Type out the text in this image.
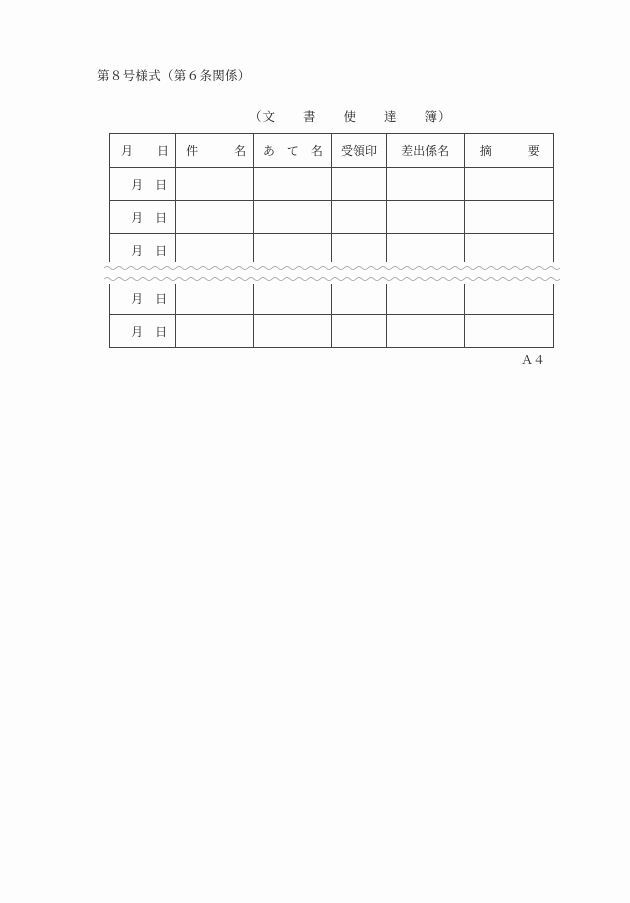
第８号様式（第６条関係）
（文　　書　　使　　達　　簿）
月　　日	件　　　名	あ　て　名	受領印	差出係名	摘　　　要
月　日					
月　日					
月　日					

月　日					
月　日					
Ａ４
